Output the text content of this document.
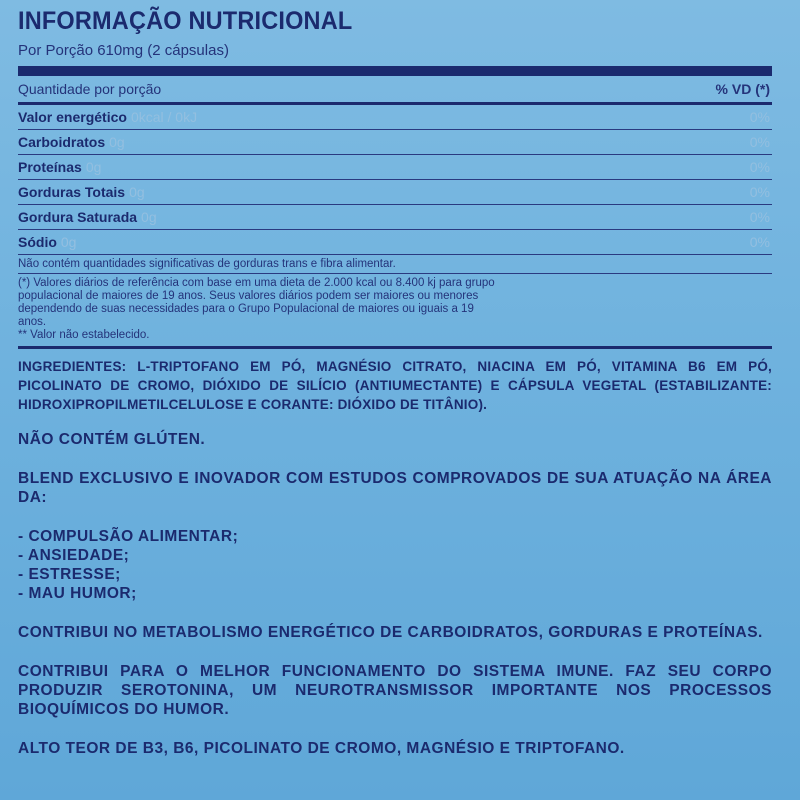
INFORMAÇÃO NUTRICIONAL
Por Porção 610mg (2 cápsulas)
Quantidade por porção	% VD (*)
Valor energético 0kcal / 0kJ	0%
Carboidratos 0g	0%
Proteínas 0g	0%
Gorduras Totais 0g	0%
Gordura Saturada 0g	0%
Sódio 0g	0%
Não contém quantidades significativas de gorduras trans e fibra alimentar.
(*) Valores diários de referência com base em uma dieta de 2.000 kcal ou 8.400 kj para grupo
populacional de maiores de 19 anos. Seus valores diários podem ser maiores ou menores
dependendo de suas necessidades para o Grupo Populacional de maiores ou iguais a 19
anos.
** Valor não estabelecido.
INGREDIENTES: L-TRIPTOFANO EM PÓ, MAGNÉSIO CITRATO, NIACINA EM PÓ, VITAMINA B6 EM PÓ, PICOLINATO DE CROMO, DIÓXIDO DE SILÍCIO (ANTIUMECTANTE) E CÁPSULA VEGETAL (ESTABILIZANTE: HIDROXIPROPILMETILCELULOSE E CORANTE: DIÓXIDO DE TITÂNIO).
NÃO CONTÉM GLÚTEN.
BLEND EXCLUSIVO E INOVADOR COM ESTUDOS COMPROVADOS DE SUA ATUAÇÃO NA ÁREA DA:
- COMPULSÃO ALIMENTAR;
- ANSIEDADE;
- ESTRESSE;
- MAU HUMOR;
CONTRIBUI NO METABOLISMO ENERGÉTICO DE CARBOIDRATOS, GORDURAS E PROTEÍNAS.
CONTRIBUI PARA O MELHOR FUNCIONAMENTO DO SISTEMA IMUNE. FAZ SEU CORPO PRODUZIR SEROTONINA, UM NEUROTRANSMISSOR IMPORTANTE NOS PROCESSOS BIOQUÍMICOS DO HUMOR.
ALTO TEOR DE B3, B6, PICOLINATO DE CROMO, MAGNÉSIO E TRIPTOFANO.
